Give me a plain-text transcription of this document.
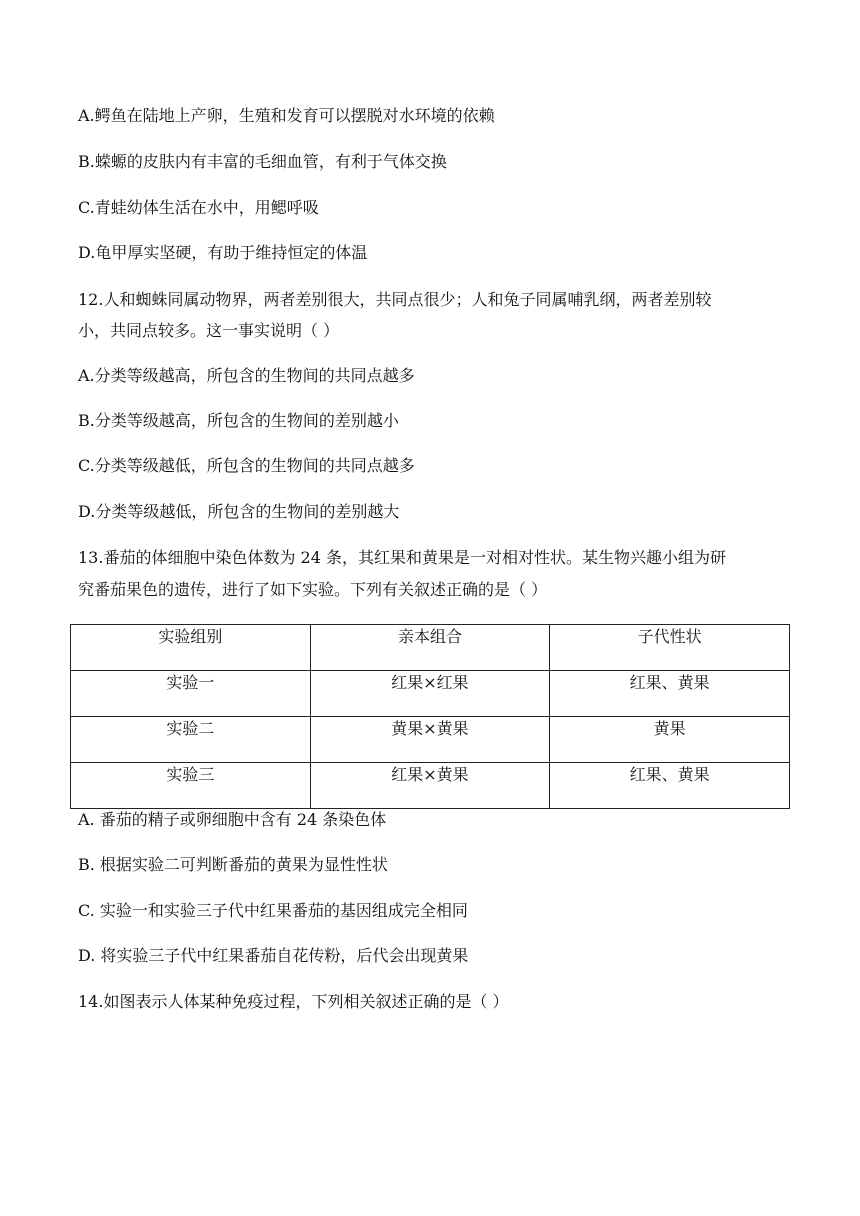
A.鳄鱼在陆地上产卵，生殖和发育可以摆脱对水环境的依赖
B.蝾螈的皮肤内有丰富的毛细血管，有利于气体交换
C.青蛙幼体生活在水中，用鳃呼吸
D.龟甲厚实坚硬，有助于维持恒定的体温
12.人和蜘蛛同属动物界，两者差别很大，共同点很少；人和兔子同属哺乳纲，两者差别较
小，共同点较多。这一事实说明（ ）
A.分类等级越高，所包含的生物间的共同点越多
B.分类等级越高，所包含的生物间的差别越小
C.分类等级越低，所包含的生物间的共同点越多
D.分类等级越低，所包含的生物间的差别越大
13.番茄的体细胞中染色体数为 24 条，其红果和黄果是一对相对性状。某生物兴趣小组为研
究番茄果色的遗传，进行了如下实验。下列有关叙述正确的是（ ）
实验组别	亲本组合	子代性状

实验一	红果×红果	红果、黄果

实验二	黄果×黄果	黄果

实验三	红果×黄果	红果、黄果
A. 番茄的精子或卵细胞中含有 24 条染色体
B. 根据实验二可判断番茄的黄果为显性性状
C. 实验一和实验三子代中红果番茄的基因组成完全相同
D. 将实验三子代中红果番茄自花传粉，后代会出现黄果
14.如图表示人体某种免疫过程，下列相关叙述正确的是（ ）
